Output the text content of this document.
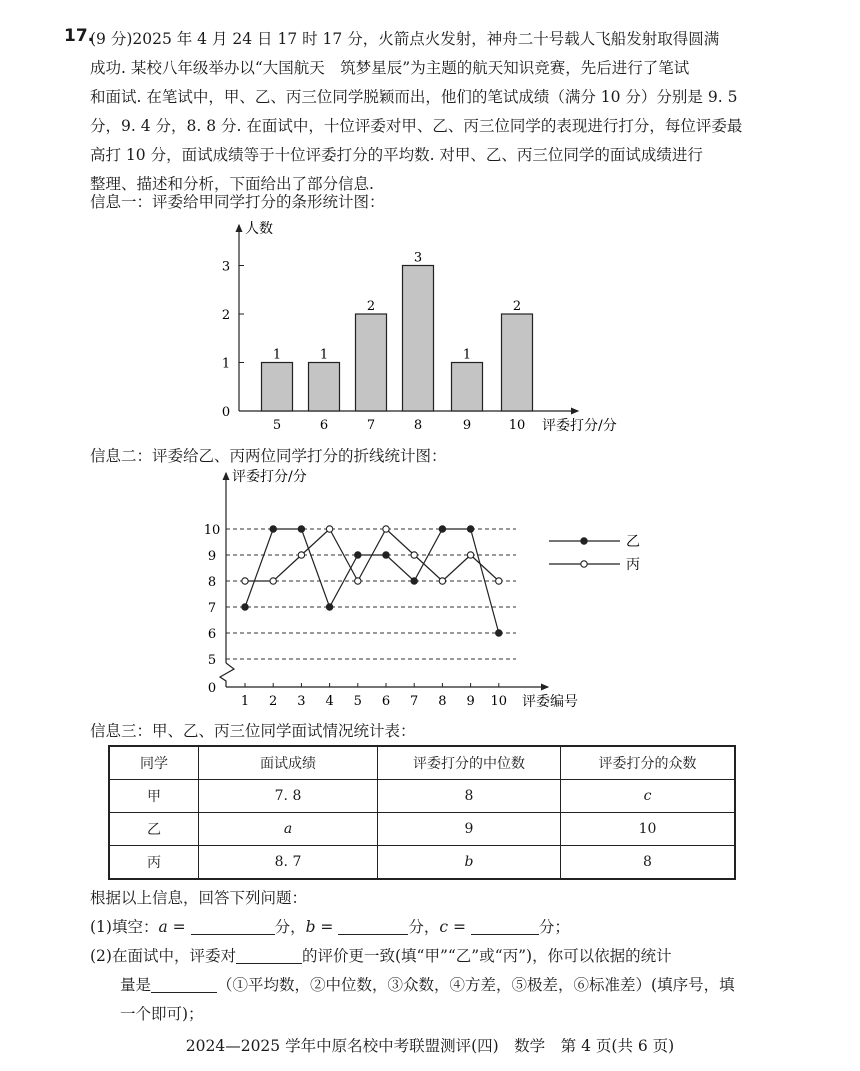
17.
(9 分)2025 年 4 月 24 日 17 时 17 分，火箭点火发射，神舟二十号载人飞船发射取得圆满
成功. 某校八年级举办以“大国航天　筑梦星辰”为主题的航天知识竞赛，先后进行了笔试
和面试. 在笔试中，甲、乙、丙三位同学脱颖而出，他们的笔试成绩（满分 10 分）分别是 9. 5
分，9. 4 分，8. 8 分. 在面试中，十位评委对甲、乙、丙三位同学的表现进行打分，每位评委最
高打 10 分，面试成绩等于十位评委打分的平均数. 对甲、乙、丙三位同学的面试成绩进行
整理、描述和分析，下面给出了部分信息.
信息一：评委给甲同学打分的条形统计图：
人数
评委打分/分
0
1
2
3
1
5
1
6
2
7
3
8
1
9
2
10
信息二：评委给乙、丙两位同学打分的折线统计图：
5
6
7
8
9
10
0
评委打分/分
评委编号
1 2 3 4 5 6 7 8 9 10
乙
丙
信息三：甲、乙、丙三位同学面试情况统计表：
同学	面试成绩	评委打分的中位数	评委打分的众数
甲	7. 8	8	c
乙	a	9	10
丙	8. 7	b	8
根据以上信息，回答下列问题：
(1)填空：a =	分，b =	分，c =	分；
(2)在面试中，评委对	的评价更一致(填“甲”“乙”或“丙”)，你可以依据的统计
量是	（①平均数，②中位数，③众数，④方差，⑤极差，⑥标准差）(填序号，填
一个即可)；
2024—2025 学年中原名校中考联盟测评(四)　数学　第 4 页(共 6 页)
